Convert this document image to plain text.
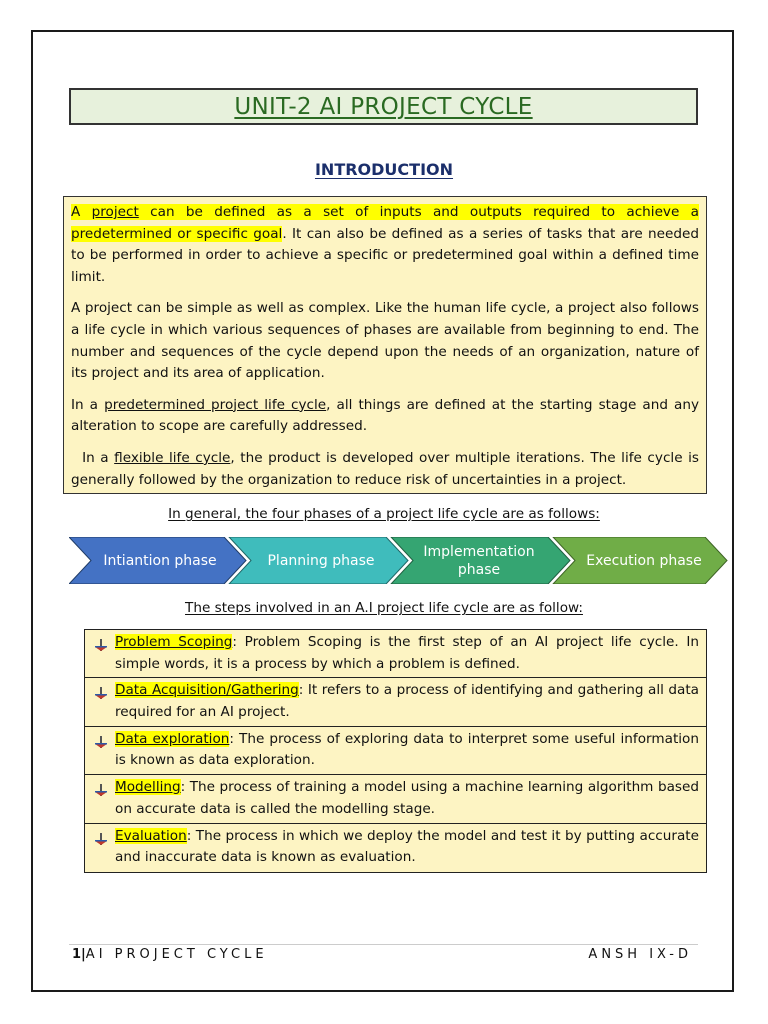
UNIT-2 AI PROJECT CYCLE
INTRODUCTION

A project can be defined as a set of inputs and outputs required to achieve a predetermined or specific goal. It can also be defined as a series of tasks that are needed to be performed in order to achieve a specific or predetermined goal within a defined time limit.

A project can be simple as well as complex. Like the human life cycle, a project also follows a life cycle in which various sequences of phases are available from beginning to end. The number and sequences of the cycle depend upon the needs of an organization, nature of its project and its area of application.

In a predetermined project life cycle, all things are defined at the starting stage and any alteration to scope are carefully addressed.

In a flexible life cycle, the product is developed over multiple iterations. The life cycle is generally followed by the organization to reduce risk of uncertainties in a project.

In general, the four phases of a project life cycle are as follows:
Intiantion phase	Planning phase
Implementation phase
Execution phase
The steps involved in an A.I project life cycle are as follow:
Problem Scoping: Problem Scoping is the first step of an AI project life cycle. In simple words, it is a process by which a problem is defined.
Data Acquisition/Gathering: It refers to a process of identifying and gathering all data required for an AI project.
Data exploration: The process of exploring data to interpret some useful information is known as data exploration.
Modelling: The process of training a model using a machine learning algorithm based on accurate data is called the modelling stage.
Evaluation: The process in which we deploy the model and test it by putting accurate and inaccurate data is known as evaluation.
1|AI PROJECT CYCLE	ANSH IX-D
